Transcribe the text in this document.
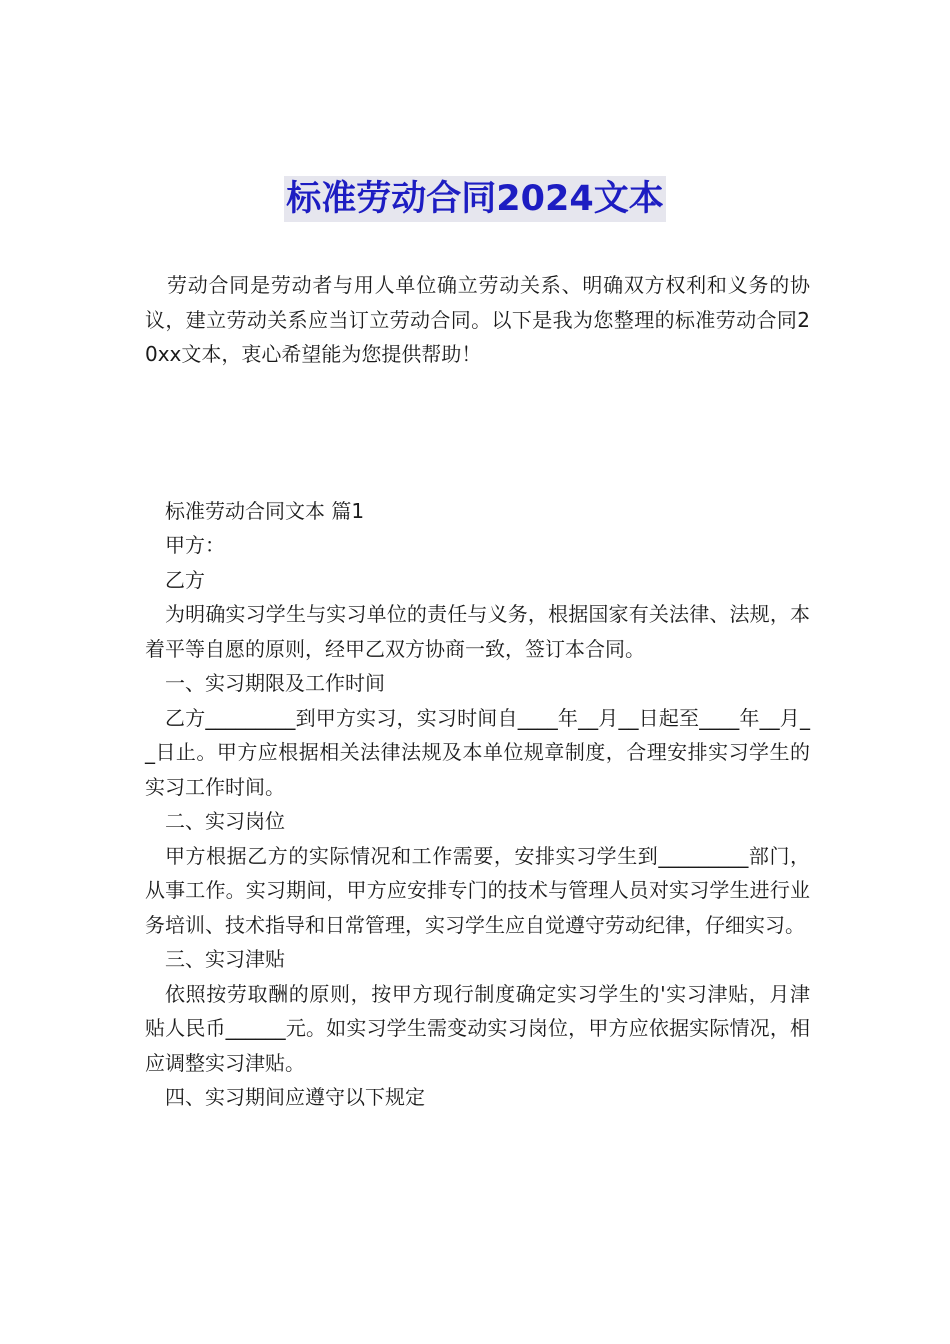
标准劳动合同2024文本

劳动合同是劳动者与用人单位确立劳动关系、明确双方权利和义务的协议，建立劳动关系应当订立劳动合同。以下是我为您整理的标准劳动合同20xx文本，衷心希望能为您提供帮助！

标准劳动合同文本 篇1

甲方：

乙方

为明确实习学生与实习单位的责任与义务，根据国家有关法律、法规，本着平等自愿的原则，经甲乙双方协商一致，签订本合同。

一、实习期限及工作时间

乙方_________到甲方实习，实习时间自____年__月__日起至____年__月__日止。甲方应根据相关法律法规及本单位规章制度，合理安排实习学生的实习工作时间。

二、实习岗位

甲方根据乙方的实际情况和工作需要，安排实习学生到_________部门，从事工作。实习期间，甲方应安排专门的技术与管理人员对实习学生进行业务培训、技术指导和日常管理，实习学生应自觉遵守劳动纪律，仔细实习。

三、实习津贴

依照按劳取酬的原则，按甲方现行制度确定实习学生的'实习津贴，月津贴人民币______元。如实习学生需变动实习岗位，甲方应依据实际情况，相应调整实习津贴。

四、实习期间应遵守以下规定
